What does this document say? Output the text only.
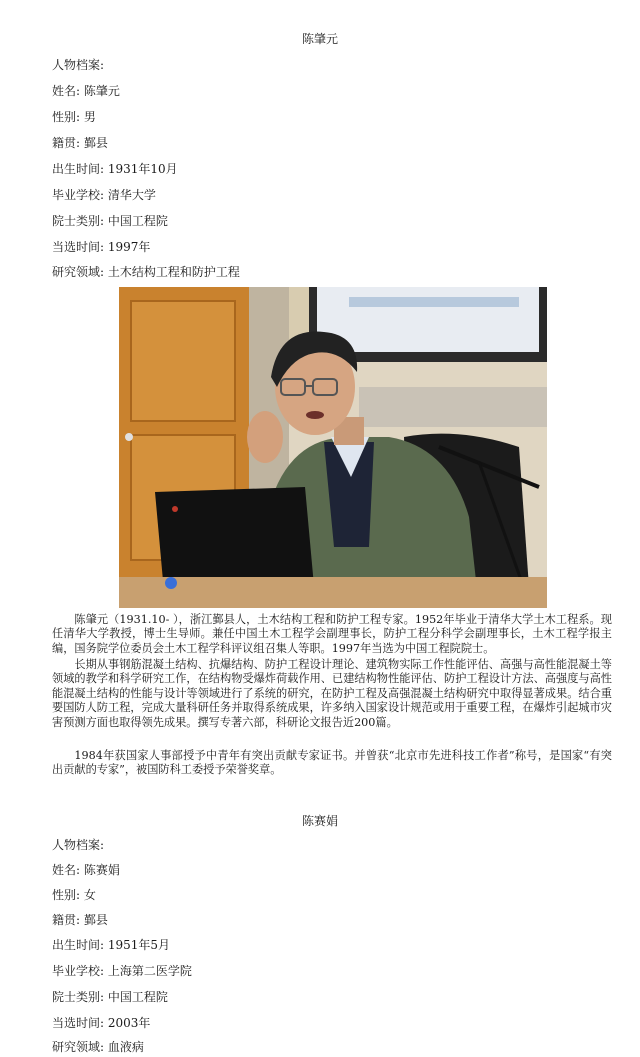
陈肇元
人物档案:
姓名: 陈肇元
性别: 男
籍贯: 鄞县
出生时间: 1931年10月
毕业学校: 清华大学
院士类别: 中国工程院
当选时间: 1997年
研究领域: 土木结构工程和防护工程
陈肇元（1931.10- ），浙江鄞县人，土木结构工程和防护工程专家。1952年毕业于清华大学土木工程系。现任清华大学教授，博士生导师。兼任中国土木工程学会副理事长，防护工程分科学会副理事长，土木工程学报主编，国务院学位委员会土木工程学科评议组召集人等职。1997年当选为中国工程院院士。
长期从事钢筋混凝土结构、抗爆结构、防护工程设计理论、建筑物实际工作性能评估、高强与高性能混凝土等领域的教学和科学研究工作，在结构物受爆炸荷载作用、已建结构物性能评估、防护工程设计方法、高强度与高性能混凝土结构的性能与设计等领域进行了系统的研究，在防护工程及高强混凝土结构研究中取得显著成果。结合重要国防人防工程，完成大量科研任务并取得系统成果，许多纳入国家设计规范或用于重要工程，在爆炸引起城市灾害预测方面也取得领先成果。撰写专著六部，科研论文报告近200篇。
1984年获国家人事部授予中青年有突出贡献专家证书。并曾获“北京市先进科技工作者”称号，是国家“有突出贡献的专家”，被国防科工委授予荣誉奖章。
陈赛娟
人物档案:
姓名: 陈赛娟
性别: 女
籍贯: 鄞县
出生时间: 1951年5月
毕业学校: 上海第二医学院
院士类别: 中国工程院
当选时间: 2003年
研究领域: 血液病
